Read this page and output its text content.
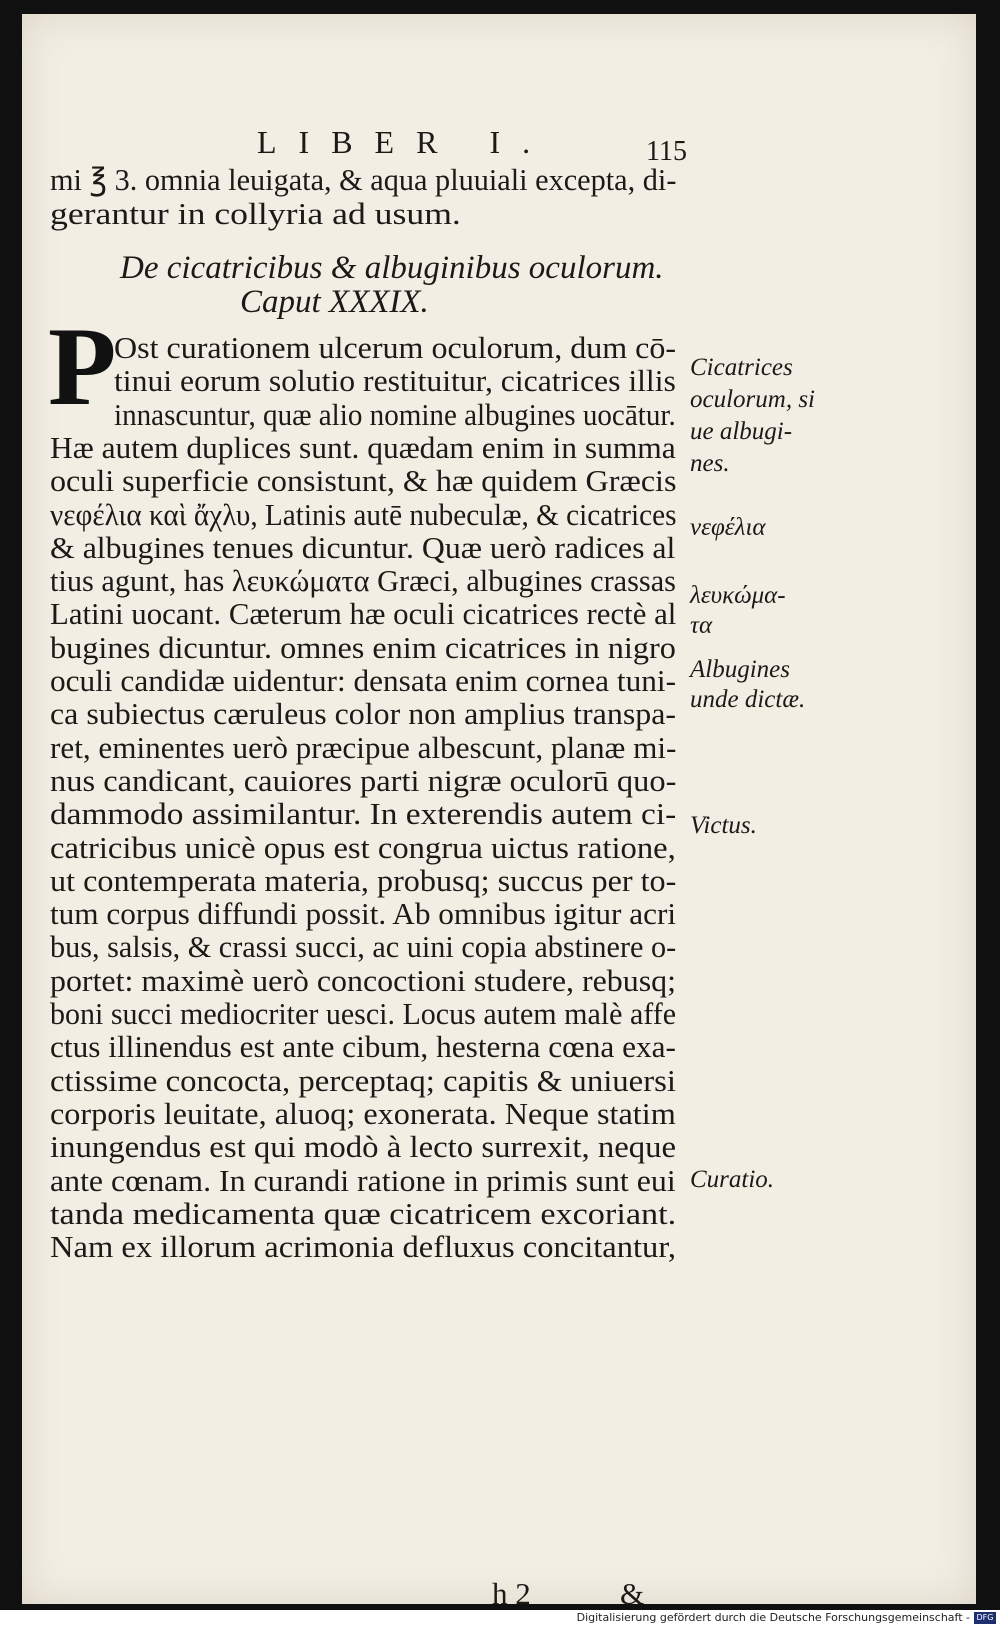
LIBER I.	115
mi ℥ 3. omnia leuigata, & aqua pluuiali excepta, di-
gerantur in collyria ad usum.
De cicatricibus & albuginibus oculorum.
Caput XXXIX.
P
Ost curationem ulcerum oculorum, dum cō-
tinui eorum solutio restituitur, cicatrices illis
innascuntur, quæ alio nomine albugines uocātur.
Hæ autem duplices sunt. quædam enim in summa
oculi superficie consistunt, & hæ quidem Græcis
νεφέλια καὶ ἄχλυ, Latinis autē nubeculæ, & cicatrices
& albugines tenues dicuntur. Quæ uerò radices al
tius agunt, has λευκώματα Græci, albugines crassas
Latini uocant. Cæterum hæ oculi cicatrices rectè al
bugines dicuntur. omnes enim cicatrices in nigro
oculi candidæ uidentur: densata enim cornea tuni-
ca subiectus cæruleus color non amplius transpa-
ret, eminentes uerò præcipue albescunt, planæ mi-
nus candicant, cauiores parti nigræ oculorū quo-
dammodo assimilantur. In exterendis autem ci-
catricibus unicè opus est congrua uictus ratione,
ut contemperata materia, probusq; succus per to-
tum corpus diffundi possit. Ab omnibus igitur acri
bus, salsis, & crassi succi, ac uini copia abstinere o-
portet: maximè uerò concoctioni studere, rebusq;
boni succi mediocriter uesci. Locus autem malè affe
ctus illinendus est ante cibum, hesterna cœna exa-
ctissime concocta, perceptaq; capitis & uniuersi
corporis leuitate, aluoq; exonerata. Neque statim
inungendus est qui modò à lecto surrexit, neque
ante cœnam. In curandi ratione in primis sunt eui
tanda medicamenta quæ cicatricem excoriant.
Nam ex illorum acrimonia defluxus concitantur,
Cicatrices
oculorum, si
ue albugi-
nes.
νεφέλια
λευκώμα-
τα
Albugines
unde dictæ.
Victus.
Curatio.
h 2	&
Digitalisierung gefördert durch die Deutsche Forschungsgemeinschaft - DFG
